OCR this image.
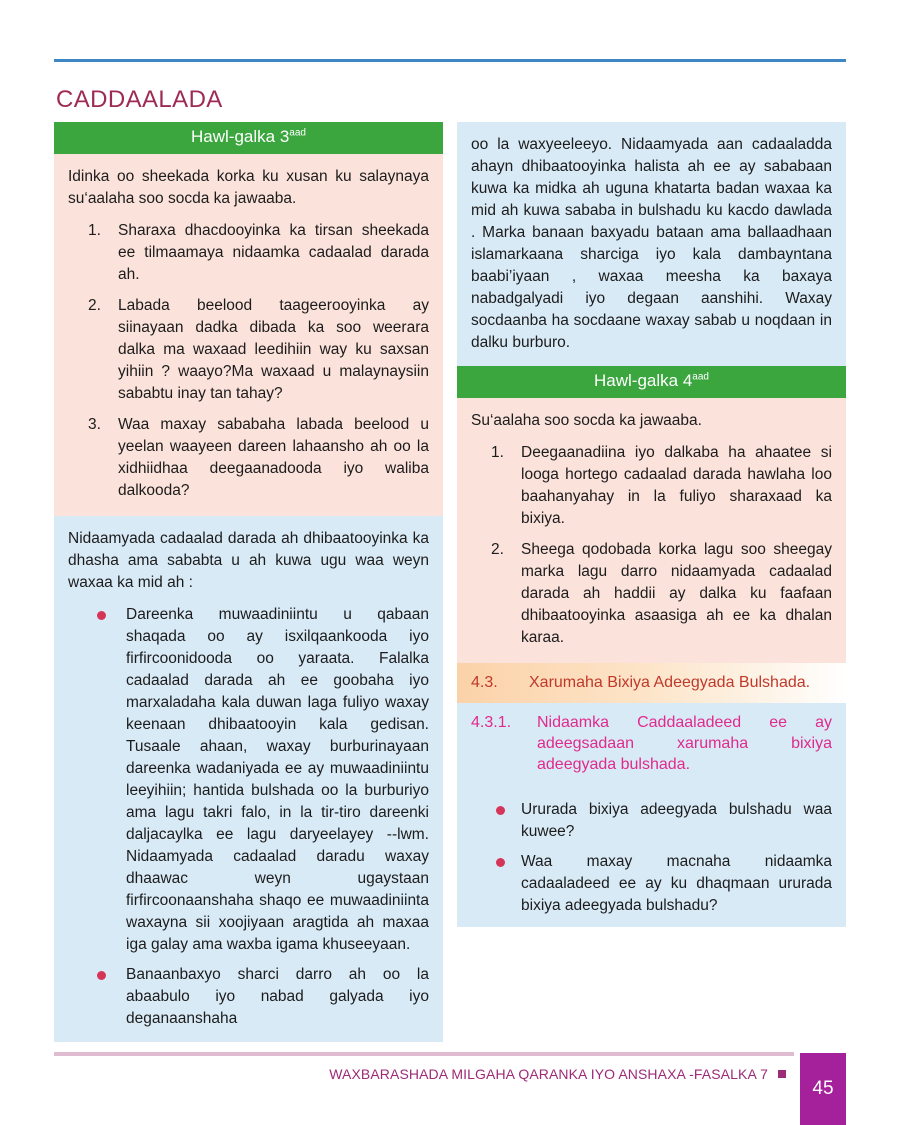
CADDAALADA
Hawl-galka $3^{aad}$

Idinka oo sheekada korka ku xusan ku salaynaya su‘aalaha soo socda ka jawaaba.

1.	Sharaxa dhacdooyinka ka tirsan sheekada ee tilmaamaya nidaamka cadaalad darada ah.
2.	Labada beelood taageerooyinka ay siinayaan dadka dibada ka soo weerara dalka ma waxaad leedihiin way ku saxsan yihiin ? waayo?Ma waxaad u malaynaysiin sababtu inay tan tahay?
3.	Waa maxay sababaha labada beelood u yeelan waayeen dareen lahaansho ah oo la xidhiidhaa deegaanadooda iyo waliba dalkooda?

Nidaamyada cadaalad darada ah dhibaatooyinka ka dhasha ama sababta u ah kuwa ugu waa weyn waxaa ka mid ah :

Dareenka muwaadiniintu u qabaan shaqada oo ay isxilqaankooda iyo firfircoonidooda oo yaraata. Falalka cadaalad darada ah ee goobaha iyo marxaladaha kala duwan laga fuliyo waxay keenaan dhibaatooyin kala gedisan. Tusaale ahaan, waxay burburinayaan dareenka wadaniyada ee ay muwaadiniintu leeyihiin; hantida bulshada oo la burburiyo ama lagu takri falo, in la tir-tiro dareenki daljacaylka ee lagu daryeelayey --lwm. Nidaamyada cadaalad daradu waxay dhaawac weyn ugaystaan firfircoonaanshaha shaqo ee muwaadiniinta waxayna sii xoojiyaan aragtida ah maxaa iga galay ama waxba igama khuseeyaan.
Banaanbaxyo sharci darro ah oo la abaabulo iyo nabad galyada iyo deganaanshaha

oo la waxyeeleeyo. Nidaamyada aan cadaaladda ahayn dhibaatooyinka halista ah ee ay sababaan kuwa ka midka ah uguna khatarta badan waxaa ka mid ah kuwa sababa in bulshadu ku kacdo dawlada . Marka banaan baxyadu bataan ama ballaadhaan islamarkaana sharciga iyo kala dambayntana baabi’iyaan , waxaa meesha ka baxaya nabadgalyadi iyo degaan aanshihi. Waxay socdaanba ha socdaane waxay sabab u noqdaan in dalku burburo.

Hawl-galka $4^{aad}$

Su‘aalaha soo socda ka jawaaba.

1.	Deegaanadiina iyo dalkaba ha ahaatee si looga hortego cadaalad darada hawlaha loo baahanyahay in la fuliyo sharaxaad ka bixiya.
2.	Sheega qodobada korka lagu soo sheegay marka lagu darro nidaamyada cadaalad darada ah haddii ay dalka ku faafaan dhibaatooyinka asaasiga ah ee ka dhalan karaa.
4.3.	Xarumaha Bixiya Adeegyada Bulshada.
4.3.1.	Nidaamka Caddaaladeed ee ay adeegsadaan xarumaha bixiya adeegyada bulshada.
Ururada bixiya adeegyada bulshadu waa kuwee?
Waa maxay macnaha nidaamka cadaaladeed ee ay ku dhaqmaan ururada bixiya adeegyada bulshadu?
WAXBARASHADA MILGAHA QARANKA IYO ANSHAXA -FASALKA 7
45
